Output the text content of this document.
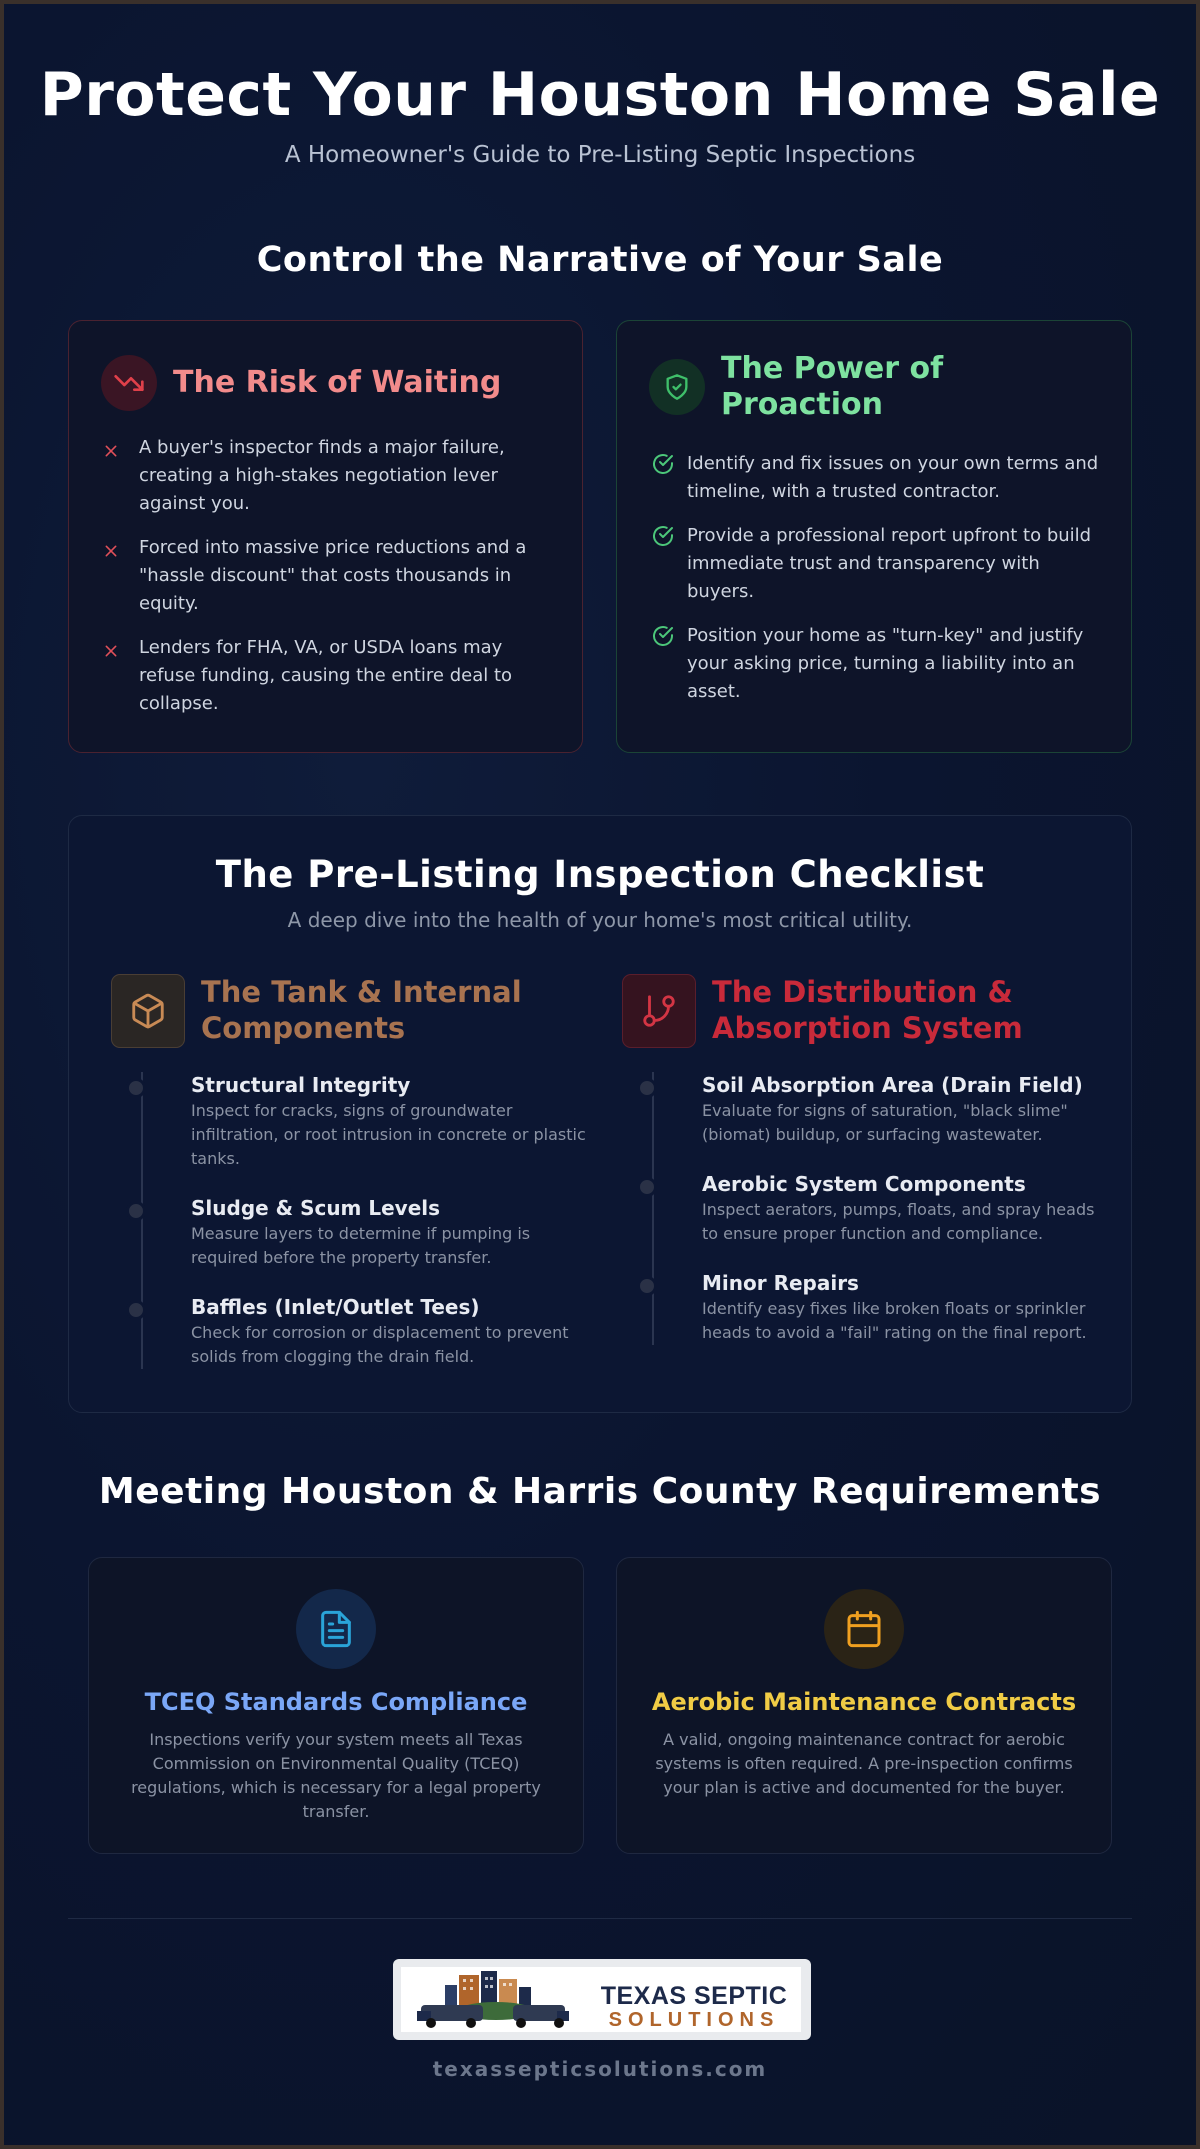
Protect Your Houston Home Sale

A Homeowner's Guide to Pre-Listing Septic Inspections

Control the Narrative of Your Sale
The Risk of Waiting
A buyer's inspector finds a major failure, creating a high-stakes negotiation lever against you.
Forced into massive price reductions and a "hassle discount" that costs thousands in equity.
Lenders for FHA, VA, or USDA loans may refuse funding, causing the entire deal to collapse.
The Power of Proaction
Identify and fix issues on your own terms and timeline, with a trusted contractor.
Provide a professional report upfront to build immediate trust and transparency with buyers.
Position your home as "turn-key" and justify your asking price, turning a liability into an asset.
The Pre-Listing Inspection Checklist
A deep dive into the health of your home's most critical utility.
The Tank & Internal Components
Structural Integrity

Inspect for cracks, signs of groundwater infiltration, or root intrusion in concrete or plastic tanks.

Sludge & Scum Levels

Measure layers to determine if pumping is required before the property transfer.

Baffles (Inlet/Outlet Tees)

Check for corrosion or displacement to prevent solids from clogging the drain field.

The Distribution & Absorption System
Soil Absorption Area (Drain Field)

Evaluate for signs of saturation, "black slime" (biomat) buildup, or surfacing wastewater.

Aerobic System Components

Inspect aerators, pumps, floats, and spray heads to ensure proper function and compliance.

Minor Repairs

Identify easy fixes like broken floats or sprinkler heads to avoid a "fail" rating on the final report.

Meeting Houston & Harris County Requirements
TCEQ Standards Compliance

Inspections verify your system meets all Texas Commission on Environmental Quality (TCEQ) regulations, which is necessary for a legal property transfer.

Aerobic Maintenance Contracts

A valid, ongoing maintenance contract for aerobic systems is often required. A pre-inspection confirms your plan is active and documented for the buyer.

TEXAS SEPTIC
SOLUTIONS
texassepticsolutions.com
